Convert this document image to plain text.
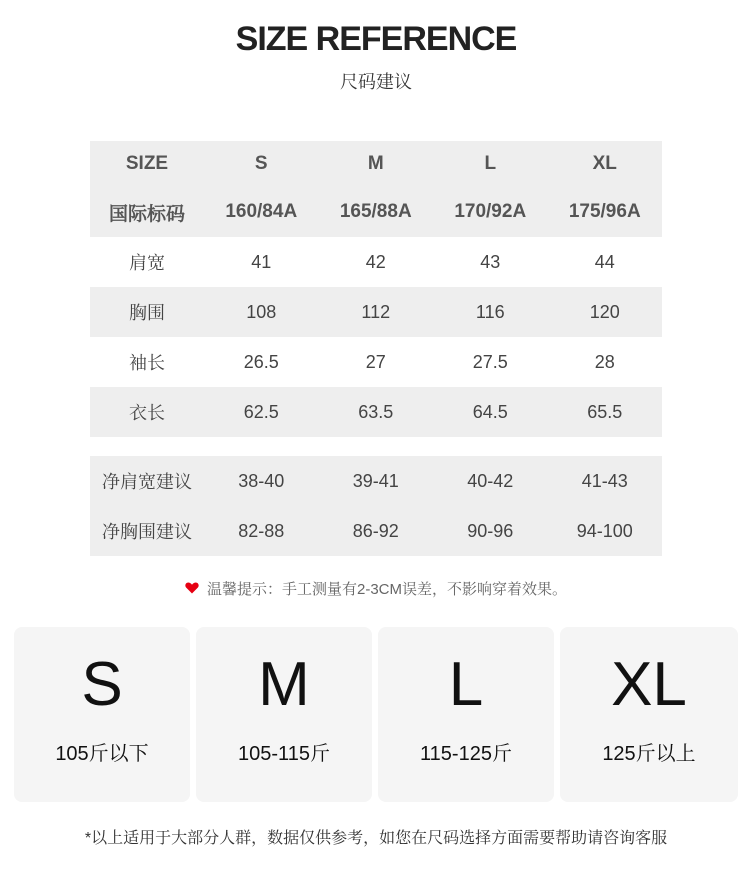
SIZE REFERENCE
尺码建议
SIZE	S	M	L	XL
国际标码	160/84A	165/88A	170/92A	175/96A
肩宽	41	42	43	44
胸围	108	112	116	120
袖长	26.5	27	27.5	28
衣长	62.5	63.5	64.5	65.5
净肩宽建议	38-40	39-41	40-42	41-43
净胸围建议	82-88	86-92	90-96	94-100
温馨提示：手工测量有2-3CM误差，不影响穿着效果。
S
105斤以下
M
105-115斤
L
115-125斤
XL
125斤以上
*以上适用于大部分人群，数据仅供参考，如您在尺码选择方面需要帮助请咨询客服
